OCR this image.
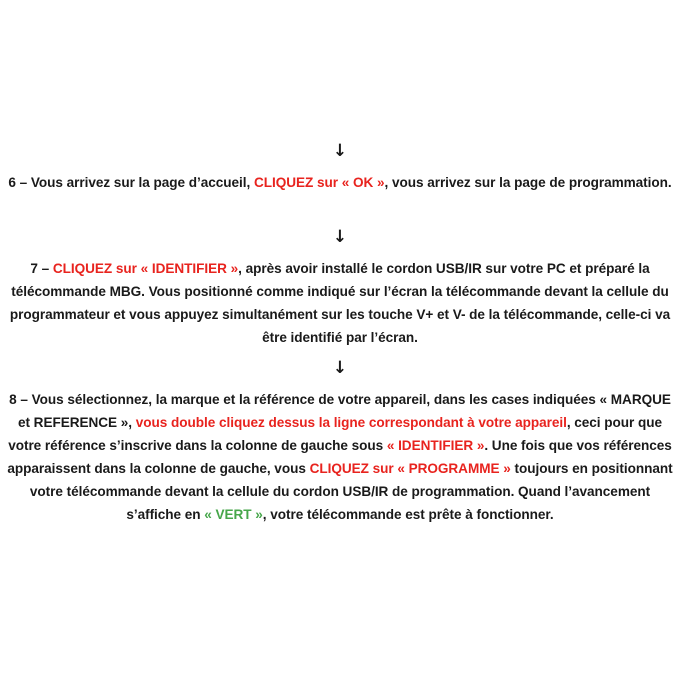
↓
6 – Vous arrivez sur la page d’accueil, CLIQUEZ sur « OK », vous arrivez sur la page de programmation.
↓
7 – CLIQUEZ sur « IDENTIFIER », après avoir installé le cordon USB/IR sur votre PC et préparé la télécommande MBG. Vous positionné comme indiqué sur l’écran la télécommande devant la cellule du programmateur et vous appuyez simultanément sur les touche V+ et V- de la télécommande, celle-ci va être identifié par l’écran.
↓
8 – Vous sélectionnez, la marque et la référence de votre appareil, dans les cases indiquées « MARQUE et REFERENCE », vous double cliquez dessus la ligne correspondant à votre appareil, ceci pour que votre référence s’inscrive dans la colonne de gauche sous « IDENTIFIER ». Une fois que vos références apparaissent dans la colonne de gauche, vous CLIQUEZ sur « PROGRAMME » toujours en positionnant votre télécommande devant la cellule du cordon USB/IR de programmation. Quand l’avancement s’affiche en « VERT », votre télécommande est prête à fonctionner.
